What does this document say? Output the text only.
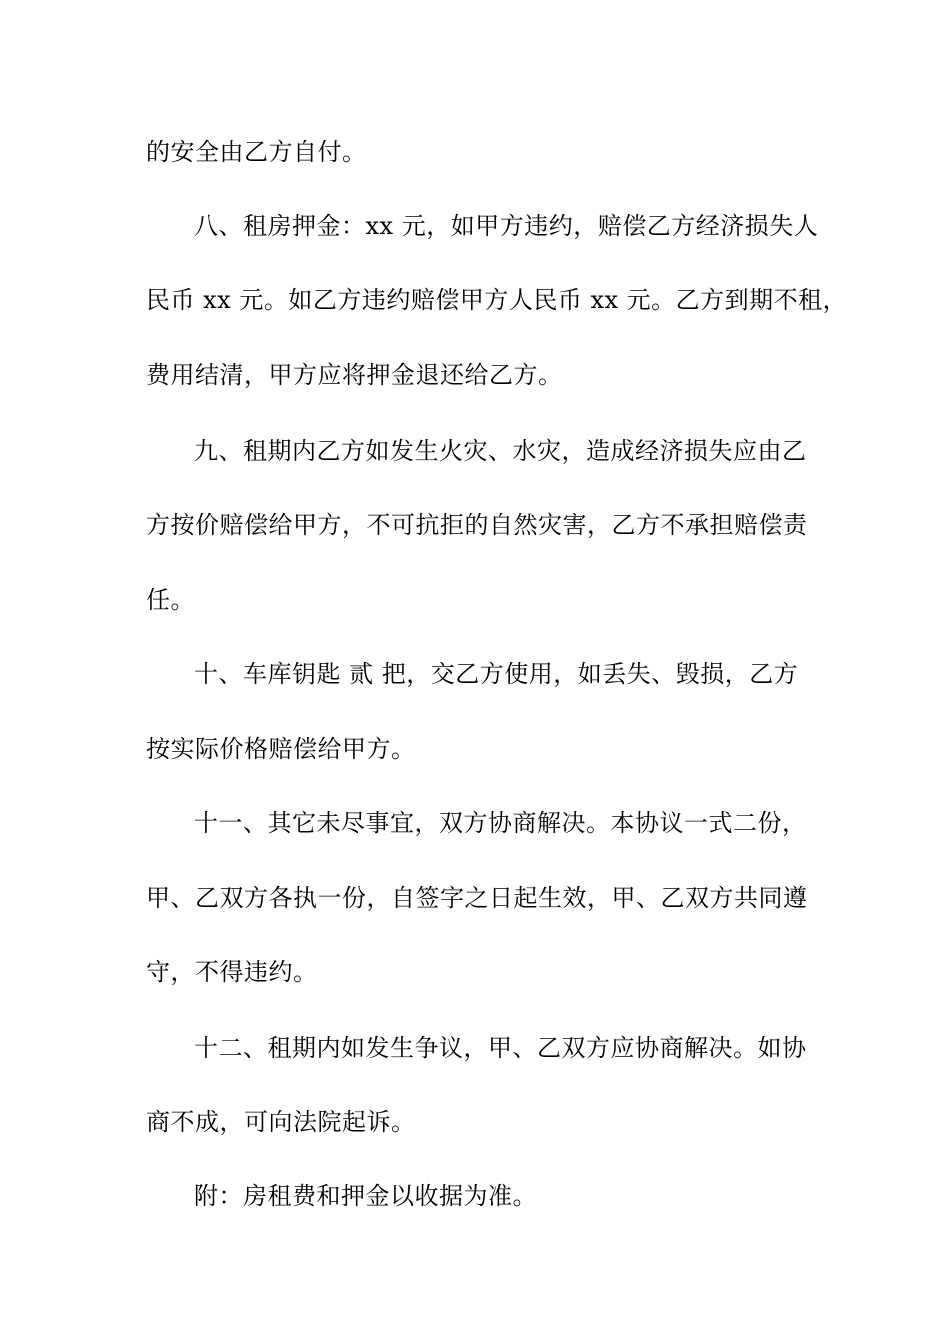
的安全由乙方自付。
八、租房押金：xx 元，如甲方违约，赔偿乙方经济损失人
民币 xx 元。如乙方违约赔偿甲方人民币 xx 元。乙方到期不租，
费用结清，甲方应将押金退还给乙方。
九、租期内乙方如发生火灾、水灾，造成经济损失应由乙
方按价赔偿给甲方，不可抗拒的自然灾害，乙方不承担赔偿责
任。
十、车库钥匙 贰 把，交乙方使用，如丢失、毁损，乙方
按实际价格赔偿给甲方。
十一、其它未尽事宜，双方协商解决。本协议一式二份，
甲、乙双方各执一份，自签字之日起生效，甲、乙双方共同遵
守，不得违约。
十二、租期内如发生争议，甲、乙双方应协商解决。如协
商不成，可向法院起诉。
附：房租费和押金以收据为准。
